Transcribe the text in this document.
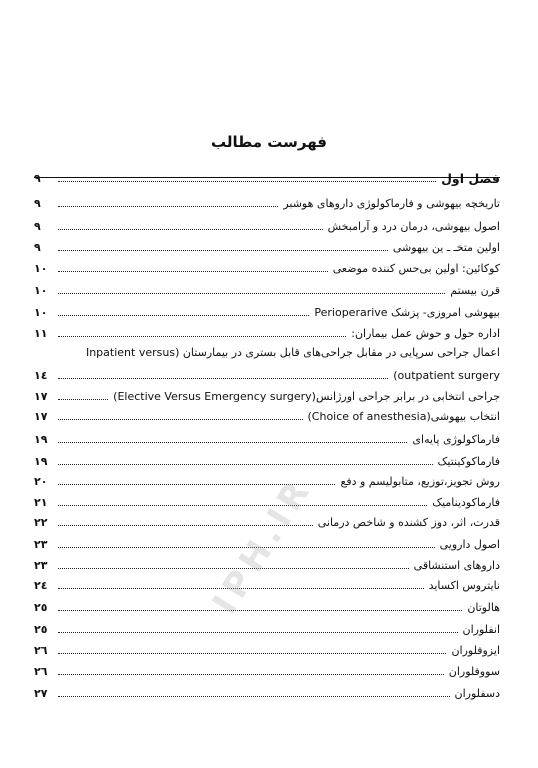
فهرست مطالب
فصل اول
۹
تاریخچه بیهوشی و فارماکولوژی داروهای هوشبر
۹
اصول بیهوشی، درمان درد و آرامبخش
۹
اولین متخـ ـ ین بیهوشی
۹
کوکائین: اولین بی‌حس کننده موضعی
۱۰
قرن بیستم
۱۰
بیهوشی امروزی- پزشک Perioperarive
۱۰
اداره حول و حوش عمل بیماران:
۱۱
اعمال جراحی سرپایی در مقابل جراحی‌های قابل بستری در بیمارستان (Inpatient versus
outpatient surgery)
۱٤
جراحی انتخابی در برابر جراحی اورژانس(Elective Versus Emergency surgery)
۱۷
انتخاب بیهوشی(Choice of anesthesia)
۱۷
فارماکولوژی پایه‌ای
۱۹
فارماکوکینتیک
۱۹
روش تجویز،توزیع، متابولیسم و دفع
۲۰
فارماکودینامیک
۲۱
قدرت، اثر، دوز کشنده و شاخص درمانی
۲۲
اصول دارویی
۲۳
داروهای استنشاقی
۲۳
نایتروس اکساید
۲٤
هالوتان
۲٥
انفلوران
۲٥
ایزوفلوران
۲٦
سووفلوران
۲٦
دسفلوران
۲۷
IPH.IR
